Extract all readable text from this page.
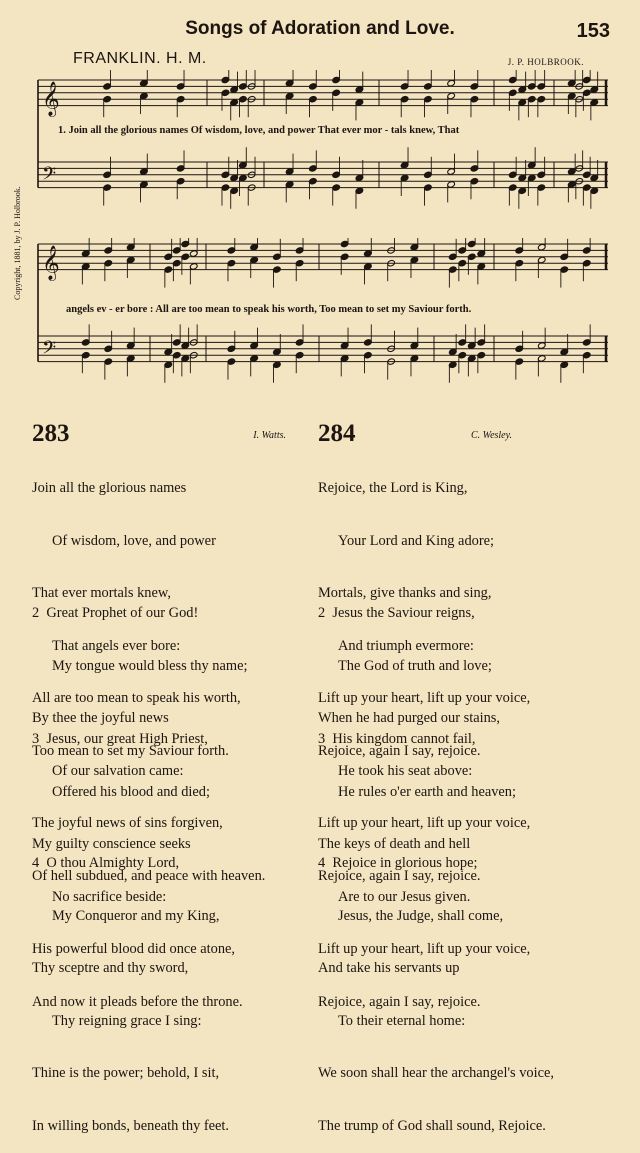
Songs of Adoration and Love.	153
FRANKLIN. H. M.	J. P. HOLBROOK.
Copyright, 1881, by J. P. Holbrook.
𝄞
𝄢
1. Join all the glorious names Of wisdom, love, and power That ever mor - tals knew, That
𝄞
𝄢
angels ev - er bore : All are too mean to speak his worth, Too mean to set my Saviour forth.
283	I. Watts.

Join all the glorious names

Of wisdom, love, and power

That ever mortals knew,

That angels ever bore:

All are too mean to speak his worth,

Too mean to set my Saviour forth.

2  Great Prophet of our God!

My tongue would bless thy name;

By thee the joyful news

Of our salvation came:

The joyful news of sins forgiven,

Of hell subdued, and peace with heaven.

3  Jesus, our great High Priest,

Offered his blood and died;

My guilty conscience seeks

No sacrifice beside:

His powerful blood did once atone,

And now it pleads before the throne.

4  O thou Almighty Lord,

My Conqueror and my King,

Thy sceptre and thy sword,

Thy reigning grace I sing:

Thine is the power; behold, I sit,

In willing bonds, beneath thy feet.

284	C. Wesley.

Rejoice, the Lord is King,

Your Lord and King adore;

Mortals, give thanks and sing,

And triumph evermore:

Lift up your heart, lift up your voice,

Rejoice, again I say, rejoice.

2  Jesus the Saviour reigns,

The God of truth and love;

When he had purged our stains,

He took his seat above:

Lift up your heart, lift up your voice,

Rejoice, again I say, rejoice.

3  His kingdom cannot fail,

He rules o'er earth and heaven;

The keys of death and hell

Are to our Jesus given.

Lift up your heart, lift up your voice,

Rejoice, again I say, rejoice.

4  Rejoice in glorious hope;

Jesus, the Judge, shall come,

And take his servants up

To their eternal home:

We soon shall hear the archangel's voice,

The trump of God shall sound, Rejoice.
